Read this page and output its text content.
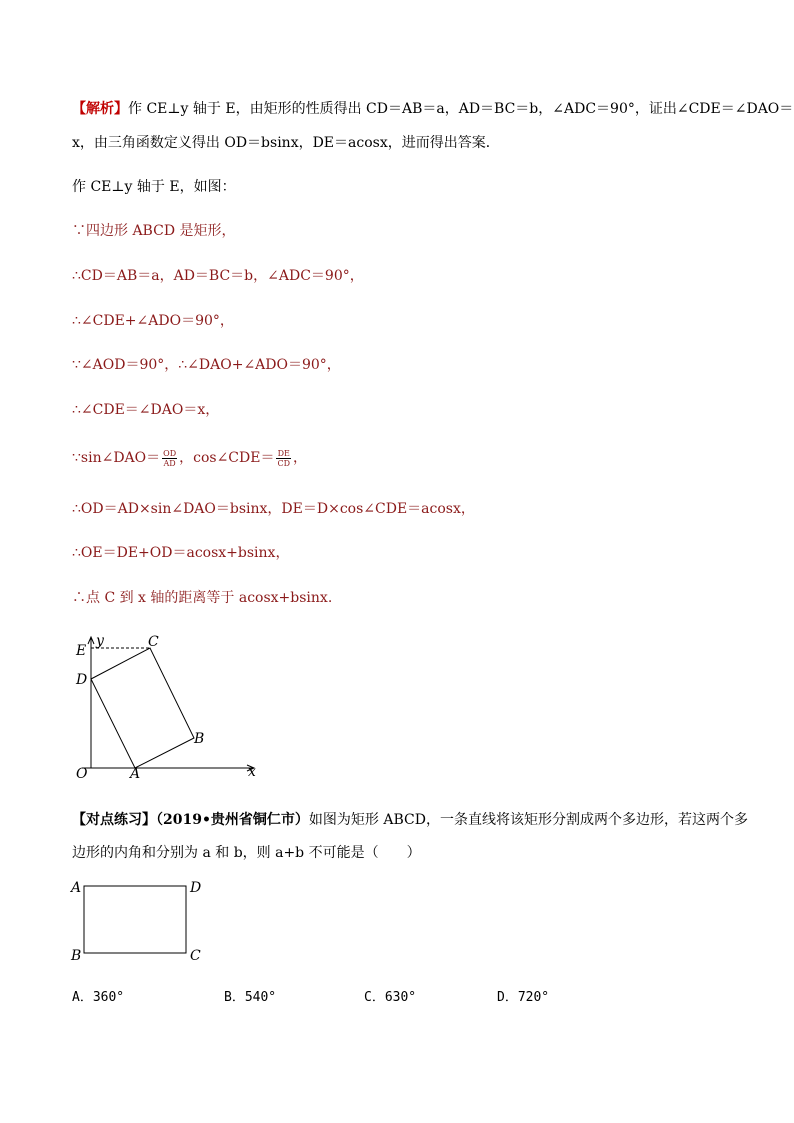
【解析】作 CE⊥y 轴于 E，由矩形的性质得出 CD＝AB＝a，AD＝BC＝b，∠ADC＝90°，证出∠CDE＝∠DAO＝
x，由三角函数定义得出 OD＝bsinx，DE＝acosx，进而得出答案．
作 CE⊥y 轴于 E，如图：
∵四边形 ABCD 是矩形，
∴CD＝AB＝a，AD＝BC＝b，∠ADC＝90°，
∴∠CDE+∠ADO＝90°，
∵∠AOD＝90°，∴∠DAO+∠ADO＝90°，
∴∠CDE＝∠DAO＝x，
∵sin∠DAO＝ $\frac{OD}{AD}$ ，cos∠CDE＝ $\frac{DE}{CD}$ ，
∴OD＝AD×sin∠DAO＝bsinx，DE＝D×cos∠CDE＝acosx，
∴OE＝DE+OD＝acosx+bsinx，
∴点 C 到 x 轴的距离等于 acosx+bsinx.
y
E
C
D
B
O	A	x
【对点练习】（2019•贵州省铜仁市）如图为矩形 ABCD，一条直线将该矩形分割成两个多边形，若这两个多
边形的内角和分别为 a 和 b，则 a+b 不可能是（　　）
A	D
B	C
A．360°	B．540°	C．630°	D．720°
